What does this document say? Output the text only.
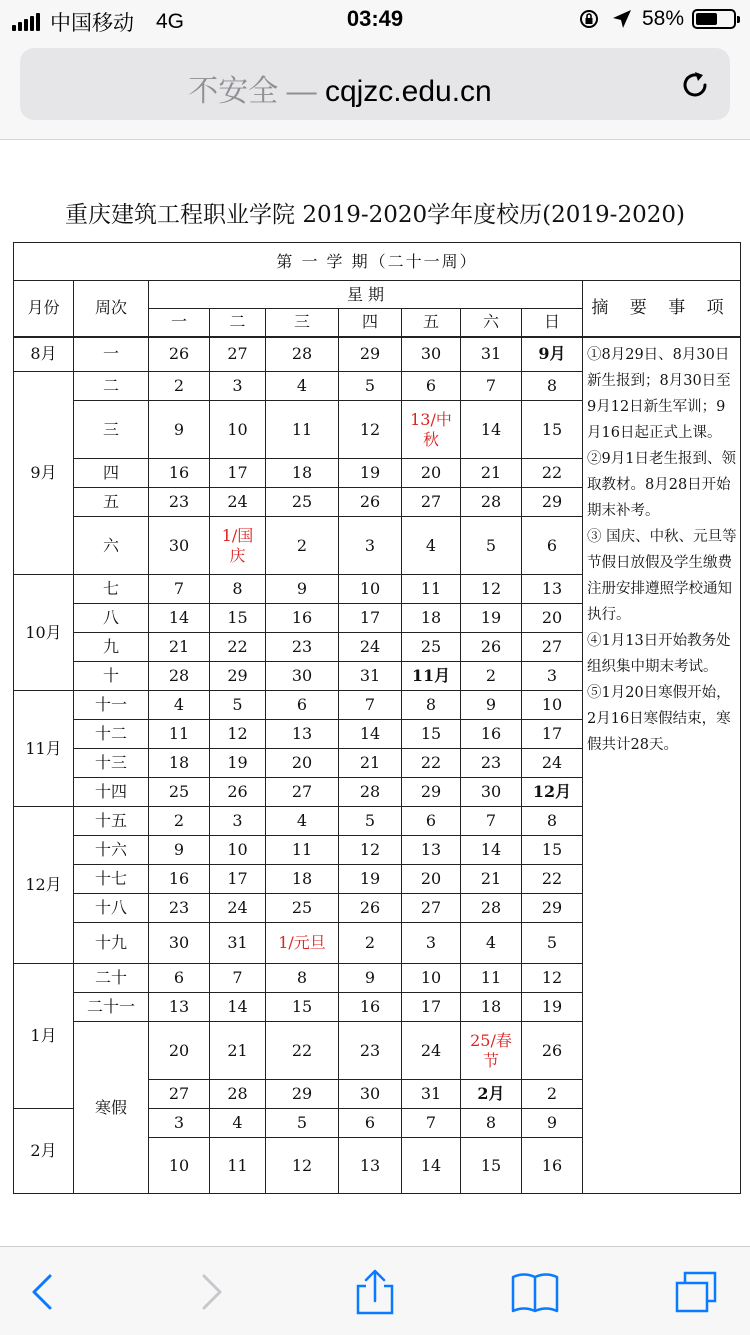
中国移动 4G	03:49	58%
不安全 — cqjzc.edu.cn
重庆建筑工程职业学院 2019-2020学年度校历(2019-2020)
第 一 学 期（二十一周）									
月份	周次	星 期							摘 要 事 项
		一	二	三	四	五	六	日	
8月	一	26	27	28	29	30	31	9月	①8月29日、8月30日新生报到；8月30日至9月12日新生军训；9月16日起正式上课。

②9月1日老生报到、领取教材。8月28日开始期末补考。

③ 国庆、中秋、元旦等节假日放假及学生缴费注册安排遵照学校通知执行。

④1月13日开始教务处组织集中期末考试。

⑤1月20日寒假开始，2月16日寒假结束，寒假共计28天。

9月	二	2	3	4	5	6	7	8	
	三	9	10	11	12	13/中秋	14	15	
	四	16	17	18	19	20	21	22	
	五	23	24	25	26	27	28	29	
	六	30	1/国庆	2	3	4	5	6	
10月	七	7	8	9	10	11	12	13	
	八	14	15	16	17	18	19	20	
	九	21	22	23	24	25	26	27	
	十	28	29	30	31	11月	2	3	
11月	十一	4	5	6	7	8	9	10	
	十二	11	12	13	14	15	16	17	
	十三	18	19	20	21	22	23	24	
	十四	25	26	27	28	29	30	12月	
12月	十五	2	3	4	5	6	7	8	
	十六	9	10	11	12	13	14	15	
	十七	16	17	18	19	20	21	22	
	十八	23	24	25	26	27	28	29	
	十九	30	31	1/元旦	2	3	4	5	
1月	二十	6	7	8	9	10	11	12	
	二十一	13	14	15	16	17	18	19	
	寒假	20	21	22	23	24	25/春节	26	
		27	28	29	30	31	2月	2	
2月		3	4	5	6	7	8	9	
		10	11	12	13	14	15	16	
